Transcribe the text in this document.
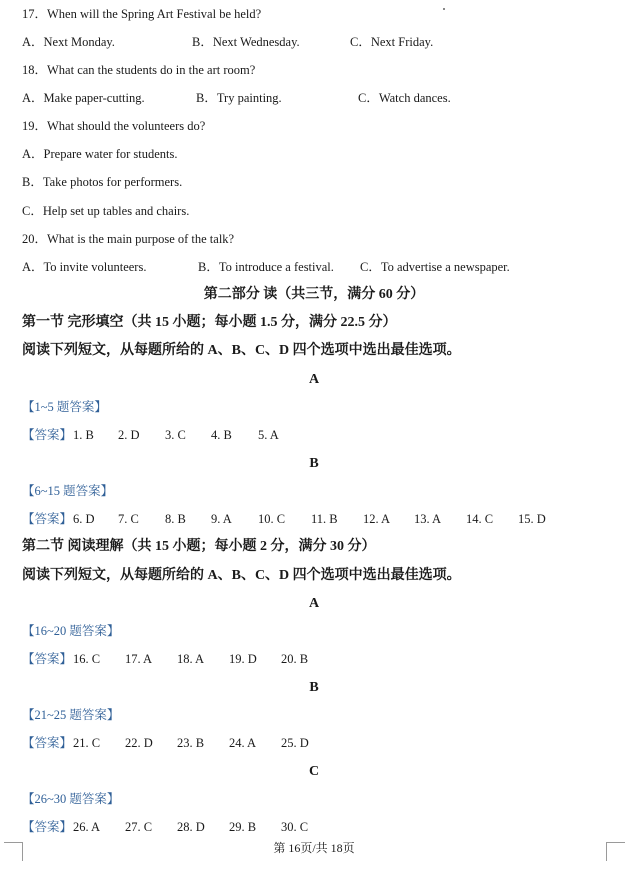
17．When will the Spring Art Festival be held?
A．Next Monday.	B．Next Wednesday.	C．Next Friday.
18．What can the students do in the art room?
A．Make paper-cutting.	B．Try painting.	C．Watch dances.
19．What should the volunteers do?
A．Prepare water for students.
B．Take photos for performers.
C．Help set up tables and chairs.
20．What is the main purpose of the talk?
A．To invite volunteers.	B．To introduce a festival. C．To advertise a newspaper.
第二部分 读（共三节，满分 60 分）
第一节 完形填空（共 15 小题；每小题 1.5 分，满分 22.5 分）
阅读下列短文，从每题所给的 A、B、C、D 四个选项中选出最佳选项。
A
【1~5 题答案】
【答案】 1. B 2. D 3. C 4. B 5. A
B
【6~15 题答案】
【答案】 6. D 7. C 8. B 9. A 10. C 11. B 12. A 13. A 14. C 15. D
第二节 阅读理解（共 15 小题；每小题 2 分，满分 30 分）
阅读下列短文，从每题所给的 A、B、C、D 四个选项中选出最佳选项。
A
【16~20 题答案】
【答案】 16. C 17. A 18. A 19. D 20. B
B
【21~25 题答案】
【答案】 21. C 22. D 23. B 24. A 25. D
C
【26~30 题答案】
【答案】 26. A 27. C 28. D 29. B 30. C
第 16页/共 18页
